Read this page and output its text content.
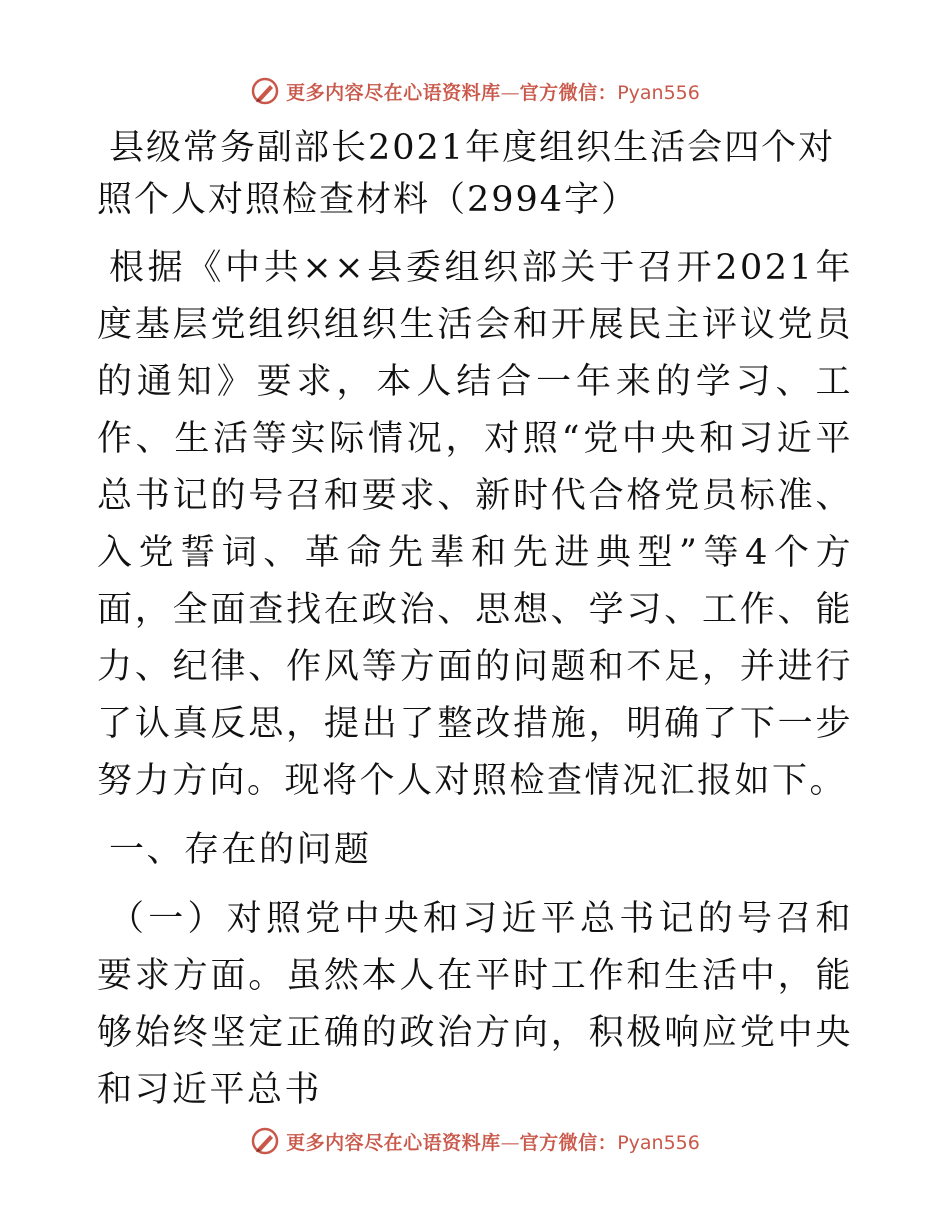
更多内容尽在心语资料库—官方微信：Pyan556

县级常务副部长2021年度组织生活会四个对照个人对照检查材料（2994字）

根据《中共××县委组织部关于召开2021年度基层党组织组织生活会和开展民主评议党员的通知》要求，本人结合一年来的学习、工作、生活等实际情况，对照“党中央和习近平总书记的号召和要求、新时代合格党员标准、入党誓词、革命先辈和先进典型”等4个方面，全面查找在政治、思想、学习、工作、能力、纪律、作风等方面的问题和不足，并进行了认真反思，提出了整改措施，明确了下一步努力方向。现将个人对照检查情况汇报如下。

一、存在的问题

（一）对照党中央和习近平总书记的号召和要求方面。虽然本人在平时工作和生活中，能够始终坚定正确的政治方向，积极响应党中央和习近平总书

更多内容尽在心语资料库—官方微信：Pyan556
